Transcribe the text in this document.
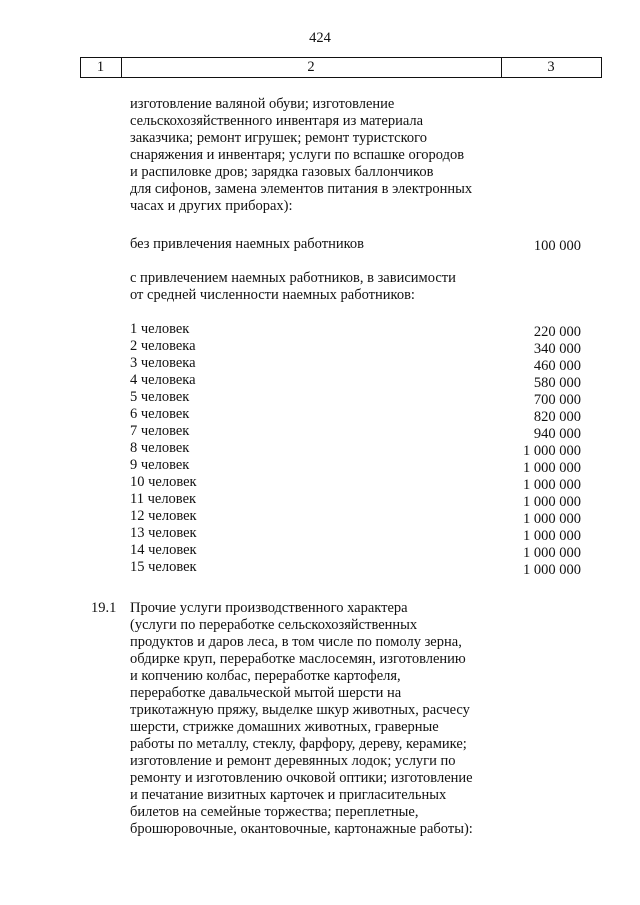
424
1	2	3
изготовление валяной обуви; изготовление
сельскохозяйственного инвентаря из материала
заказчика; ремонт игрушек; ремонт туристского
снаряжения и инвентаря; услуги по вспашке огородов
и распиловке дров; зарядка газовых баллончиков
для сифонов, замена элементов питания в электронных
часах и других приборах):
без привлечения наемных работников	100 000
с привлечением наемных работников, в зависимости
от средней численности наемных работников:
1 человек	220 000
2 человека	340 000
3 человека	460 000
4 человека	580 000
5 человек	700 000
6 человек	820 000
7 человек	940 000
8 человек	1 000 000
9 человек	1 000 000
10 человек	1 000 000
11 человек	1 000 000
12 человек	1 000 000
13 человек	1 000 000
14 человек	1 000 000
15 человек	1 000 000
19.1 Прочие услуги производственного характера
(услуги по переработке сельскохозяйственных
продуктов и даров леса, в том числе по помолу зерна,
обдирке круп, переработке маслосемян, изготовлению
и копчению колбас, переработке картофеля,
переработке давальческой мытой шерсти на
трикотажную пряжу, выделке шкур животных, расчесу
шерсти, стрижке домашних животных, граверные
работы по металлу, стеклу, фарфору, дереву, керамике;
изготовление и ремонт деревянных лодок; услуги по
ремонту и изготовлению очковой оптики; изготовление
и печатание визитных карточек и пригласительных
билетов на семейные торжества; переплетные,
брошюровочные, окантовочные, картонажные работы):
